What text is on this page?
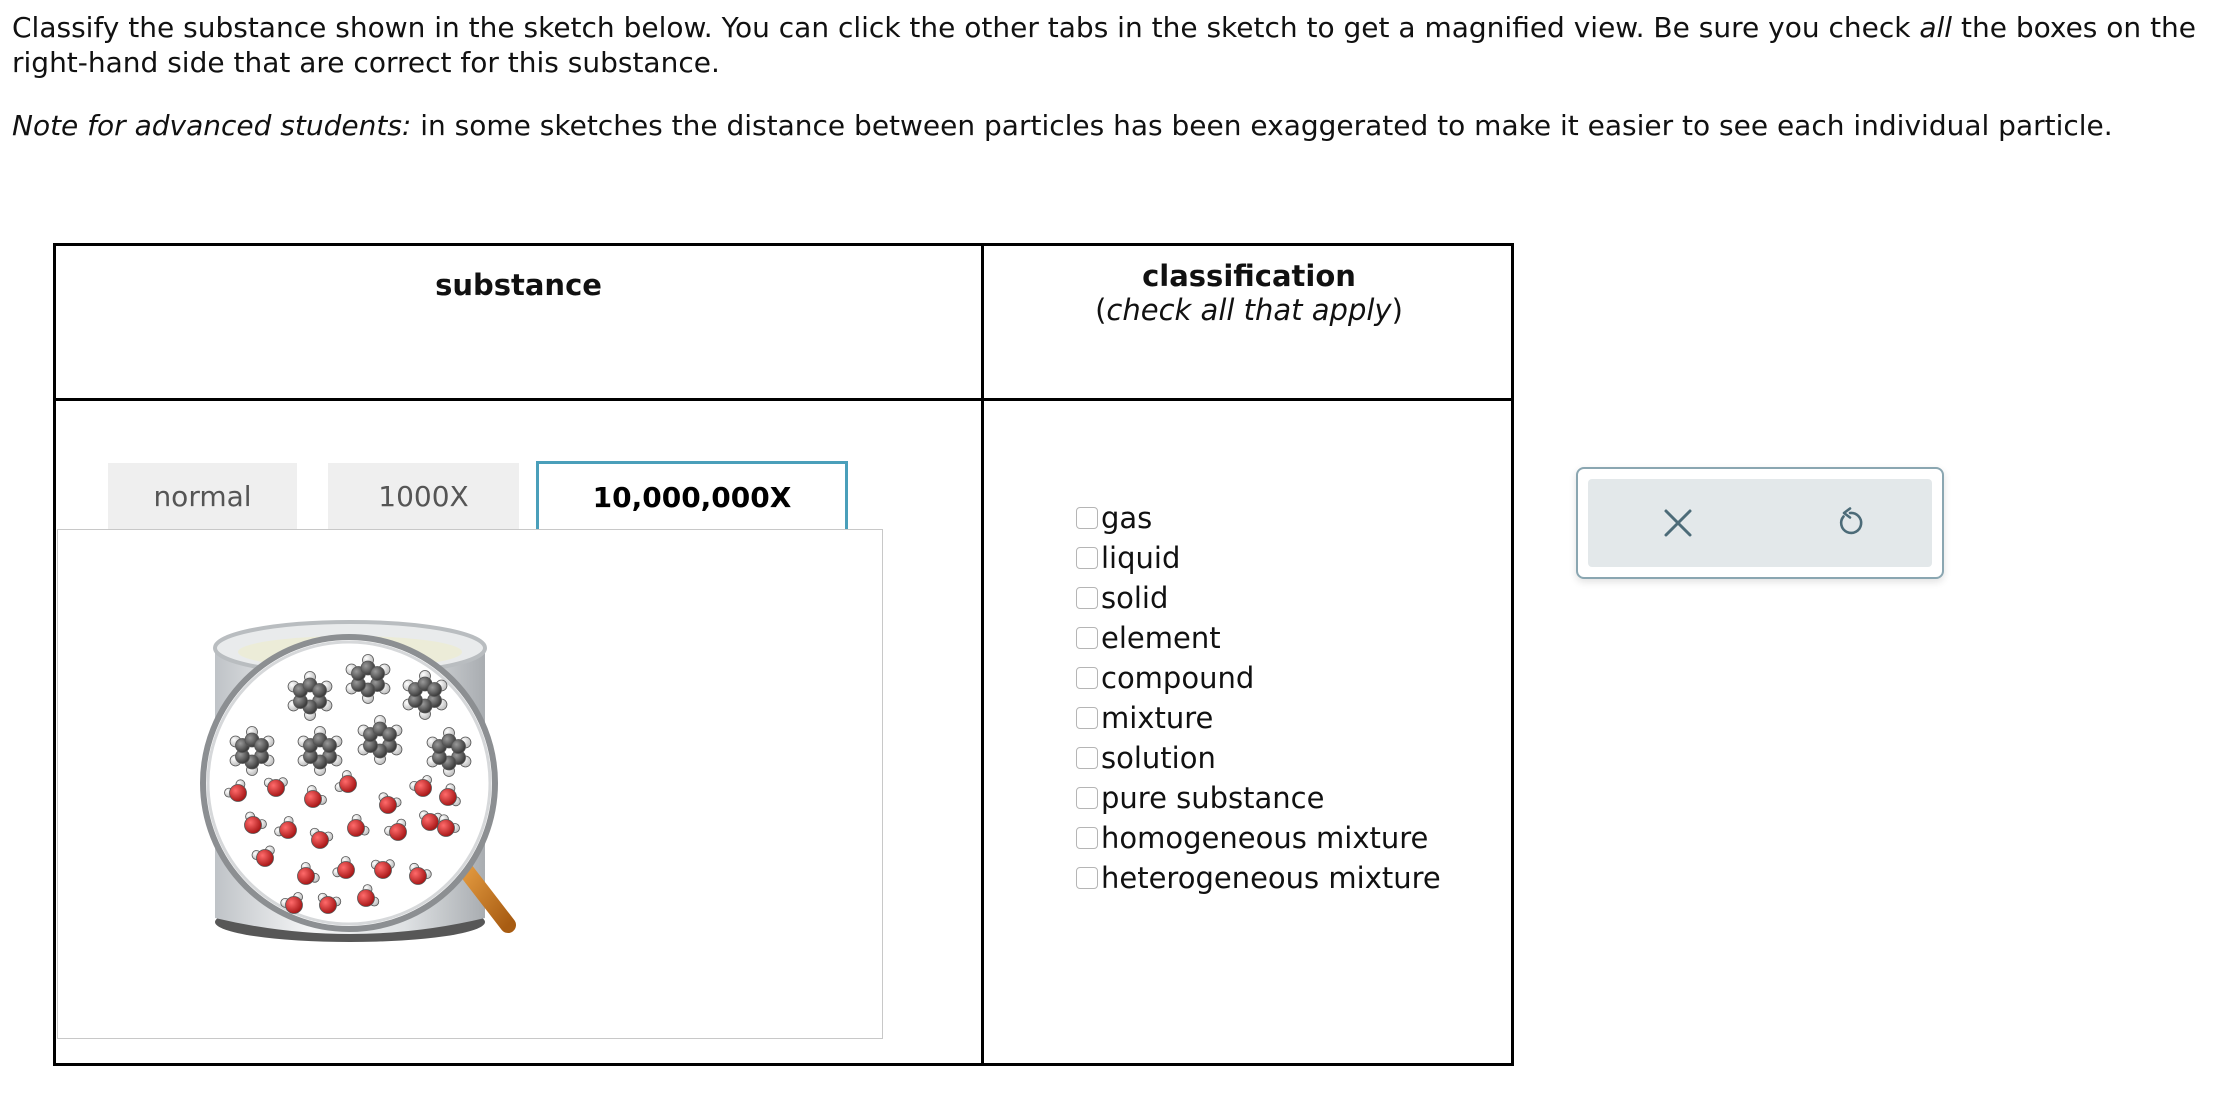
Classify the substance shown in the sketch below. You can click the other tabs in the sketch to get a magnified view. Be sure you check all the boxes on the right-hand side that are correct for this substance.

Note for advanced students: in some sketches the distance between particles has been exaggerated to make it easier to see each individual particle.

substance	classification
(check all that apply)
normal	1000X	10,000,000X
gas
liquid
solid
element
compound
mixture
solution
pure substance
homogeneous mixture
heterogeneous mixture
